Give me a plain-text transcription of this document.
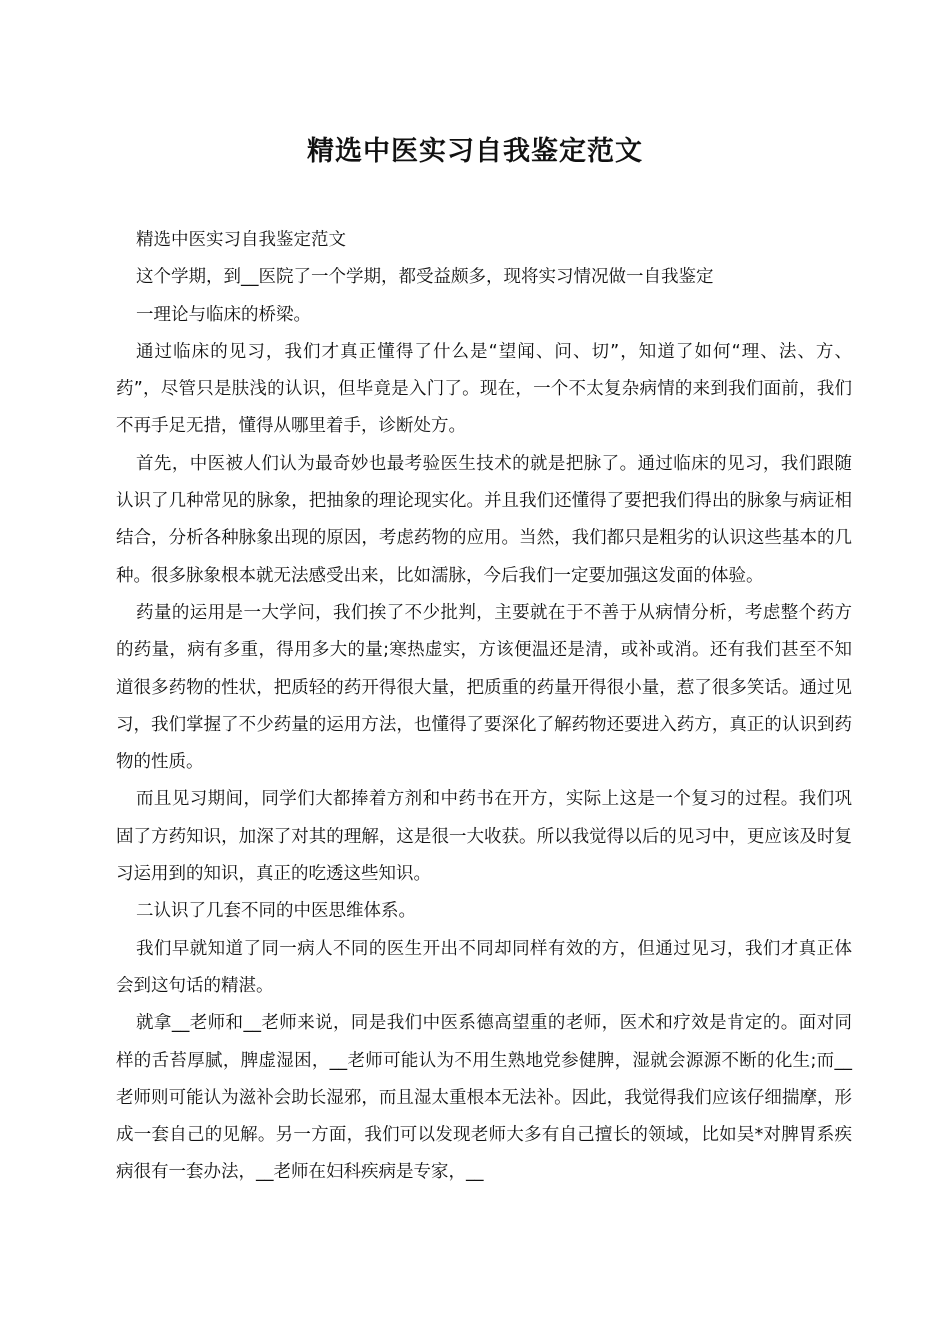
精选中医实习自我鉴定范文

精选中医实习自我鉴定范文

这个学期，到__医院了一个学期，都受益颇多，现将实习情况做一自我鉴定

一理论与临床的桥梁。

通过临床的见习，我们才真正懂得了什么是“望闻、问、切”，知道了如何“理、法、方、药”，尽管只是肤浅的认识，但毕竟是入门了。现在，一个不太复杂病情的来到我们面前，我们不再手足无措，懂得从哪里着手，诊断处方。

首先，中医被人们认为最奇妙也最考验医生技术的就是把脉了。通过临床的见习，我们跟随认识了几种常见的脉象，把抽象的理论现实化。并且我们还懂得了要把我们得出的脉象与病证相结合，分析各种脉象出现的原因，考虑药物的应用。当然，我们都只是粗劣的认识这些基本的几种。很多脉象根本就无法感受出来，比如濡脉，今后我们一定要加强这发面的体验。

药量的运用是一大学问，我们挨了不少批判，主要就在于不善于从病情分析，考虑整个药方的药量，病有多重，得用多大的量;寒热虚实，方该便温还是清，或补或消。还有我们甚至不知道很多药物的性状，把质轻的药开得很大量，把质重的药量开得很小量，惹了很多笑话。通过见习，我们掌握了不少药量的运用方法，也懂得了要深化了解药物还要进入药方，真正的认识到药物的性质。

而且见习期间，同学们大都捧着方剂和中药书在开方，实际上这是一个复习的过程。我们巩固了方药知识，加深了对其的理解，这是很一大收获。所以我觉得以后的见习中，更应该及时复习运用到的知识，真正的吃透这些知识。

二认识了几套不同的中医思维体系。

我们早就知道了同一病人不同的医生开出不同却同样有效的方，但通过见习，我们才真正体会到这句话的精湛。

就拿__老师和__老师来说，同是我们中医系德高望重的老师，医术和疗效是肯定的。面对同样的舌苔厚腻，脾虚湿困，__老师可能认为不用生熟地党参健脾，湿就会源源不断的化生;而__老师则可能认为滋补会助长湿邪，而且湿太重根本无法补。因此，我觉得我们应该仔细揣摩，形成一套自己的见解。另一方面，我们可以发现老师大多有自己擅长的领域，比如吴*对脾胃系疾病很有一套办法，__老师在妇科疾病是专家，__
